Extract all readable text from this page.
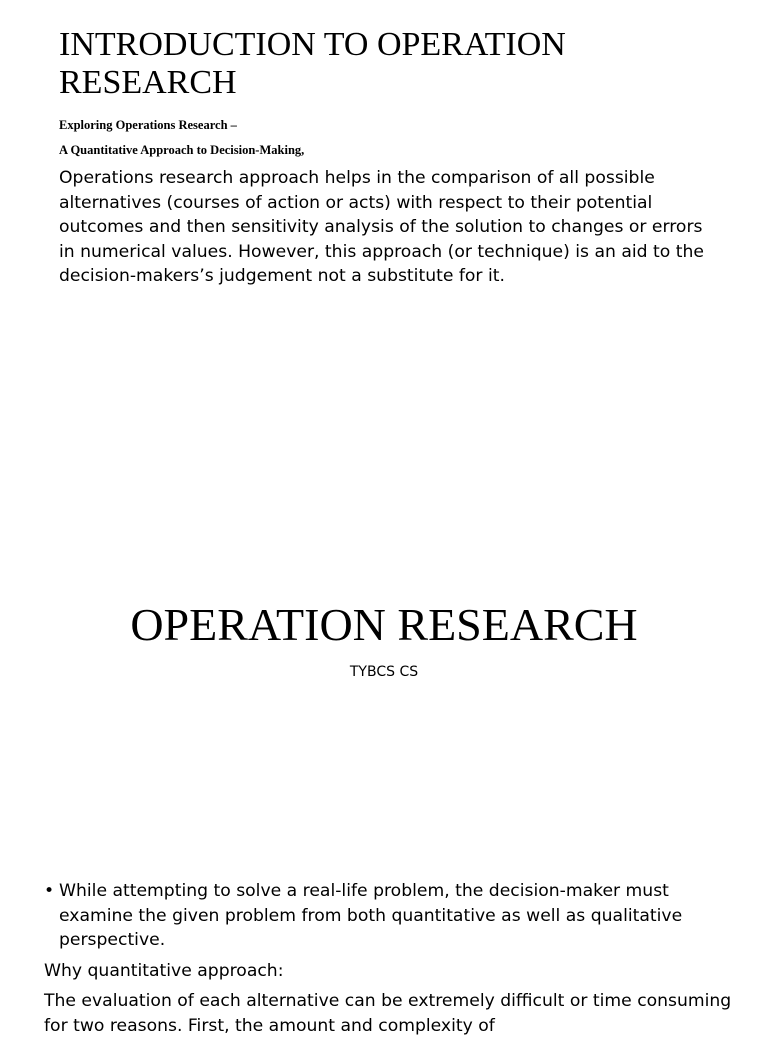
INTRODUCTION TO OPERATION RESEARCH

Exploring Operations Research –

A Quantitative Approach to Decision-Making,

Operations research approach helps in the comparison of all possible alternatives (courses of action or acts) with respect to their potential outcomes and then sensitivity analysis of the solution to changes or errors in numerical values. However, this approach (or technique) is an aid to the decision-makers’s judgement not a substitute for it.

OPERATION RESEARCH

TYBCS CS

• While attempting to solve a real-life problem, the decision-maker must examine the given problem from both quantitative as well as qualitative perspective.
Why quantitative approach:
The evaluation of each alternative can be extremely difficult or time consuming for two reasons. First, the amount and complexity of
